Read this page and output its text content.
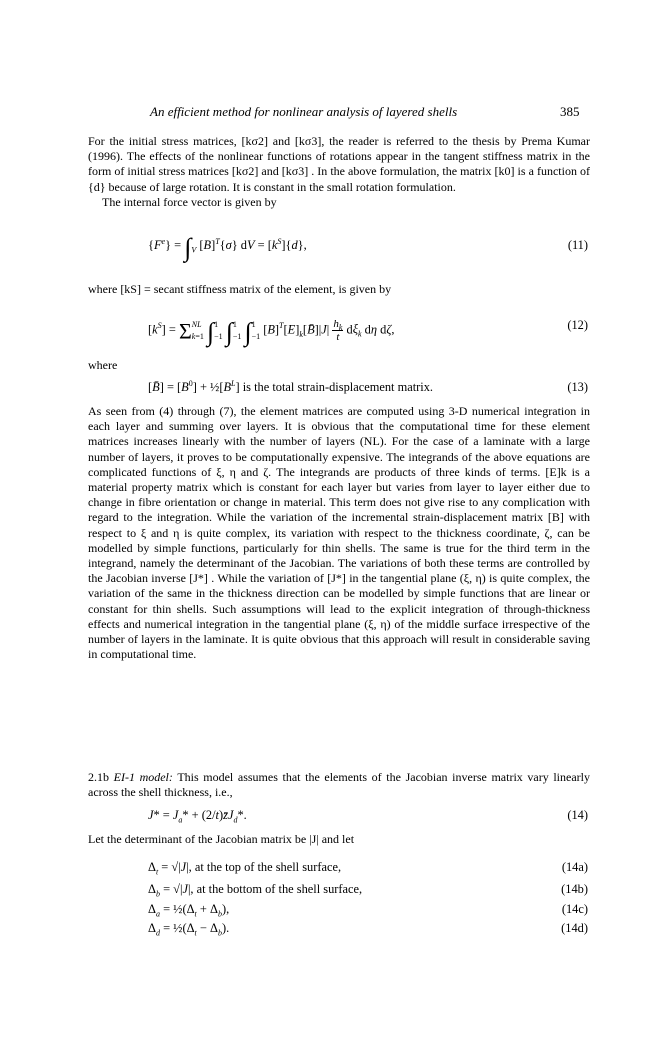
An efficient method for nonlinear analysis of layered shells	385

For the initial stress matrices, [kσ2] and [kσ3], the reader is referred to the thesis by Prema Kumar (1996). The effects of the nonlinear functions of rotations appear in the tangent stiffness matrix in the form of initial stress matrices [kσ2] and [kσ3] . In the above formulation, the matrix [k0] is a function of {d} because of large rotation. It is constant in the small rotation formulation.

The internal force vector is given by

$\{F^e\} = \int_V$ $[B]^T\{\sigma\}$ dV = $[k^S]\{d\}$,	(11)
where [kS] = secant stiffness matrix of the element, is given by
$[k^S] = \Sigma NL$
k=1 ∫1
−1 ∫1
−1 ∫1
−1 $[B]^T[E]_k[B̄]|J| \frac{h_k}{t} d\xi_k$ dη dζ,	(12)
where
[B̄] = $[B^0]$ + $\frac{1}{2}[B^L]$ is the total strain-displacement matrix.	(13)

As seen from (4) through (7), the element matrices are computed using 3-D numerical integration in each layer and summing over layers. It is obvious that the computational time for these element matrices increases linearly with the number of layers (NL). For the case of a laminate with a large number of layers, it proves to be computationally expensive. The integrands of the above equations are complicated functions of ξ, η and ζ. The integrands are products of three kinds of terms. [E]k is a material property matrix which is constant for each layer but varies from layer to layer either due to change in fibre orientation or change in material. This term does not give rise to any complication with regard to the integration. While the variation of the incremental strain-displacement matrix [B] with respect to ξ and η is quite complex, its variation with respect to the thickness coordinate, ζ, can be modelled by simple functions, particularly for thin shells. The same is true for the third term in the integrand, namely the determinant of the Jacobian. The variations of both these terms are controlled by the Jacobian inverse [J*] . While the variation of [J*] in the tangential plane (ξ, η) is quite complex, the variation of the same in the thickness direction can be modelled by simple functions that are linear or constant for thin shells. Such assumptions will lead to the explicit integration of through-thickness effects and numerical integration in the tangential plane (ξ, η) of the middle surface irrespective of the number of layers in the laminate. It is quite obvious that this approach will result in considerable saving in computational time.

2.1b EI-1 model: This model assumes that the elements of the Jacobian inverse matrix vary linearly across the shell thickness, i.e.,

$J* = J_a*$ + $(2/t)z̄J_d*$.	(14)
Let the determinant of the Jacobian matrix be |J| and let
$\Delta_t = √|J|$, at the top of the shell surface,	(14a)
$\Delta_b = √|J|$, at the bottom of the shell surface,	(14b)
$\Delta_a$ = $\frac{1}{2}(\Delta_t + \Delta_b)$,	(14c)
$\Delta_d$ = $\frac{1}{2}(\Delta_t - \Delta_b)$.	(14d)
